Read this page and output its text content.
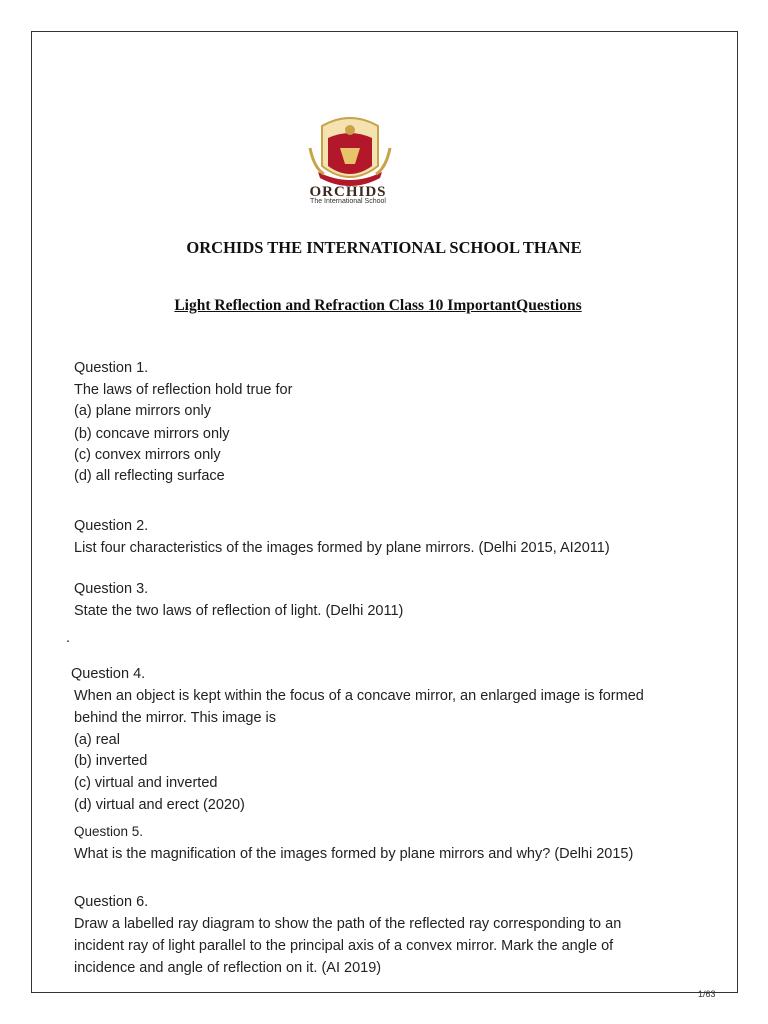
ORCHIDS
The International School
ORCHIDS THE INTERNATIONAL SCHOOL THANE
Light Reflection and Refraction Class 10 ImportantQuestions
Question 1.
The laws of reflection hold true for
(a) plane mirrors only
(b) concave mirrors only
(c) convex mirrors only
(d) all reflecting surface
Question 2.
List four characteristics of the images formed by plane mirrors. (Delhi 2015, AI2011)
Question 3.
State the two laws of reflection of light. (Delhi 2011)
.
Question 4.
When an object is kept within the focus of a concave mirror, an enlarged image is formed
behind the mirror. This image is
(a) real
(b) inverted
(c) virtual and inverted
(d) virtual and erect (2020)
Question 5.
What is the magnification of the images formed by plane mirrors and why? (Delhi 2015)
Question 6.
Draw a labelled ray diagram to show the path of the reflected ray corresponding to an
incident ray of light parallel to the principal axis of a convex mirror. Mark the angle of
incidence and angle of reflection on it. (AI 2019)
1/63
